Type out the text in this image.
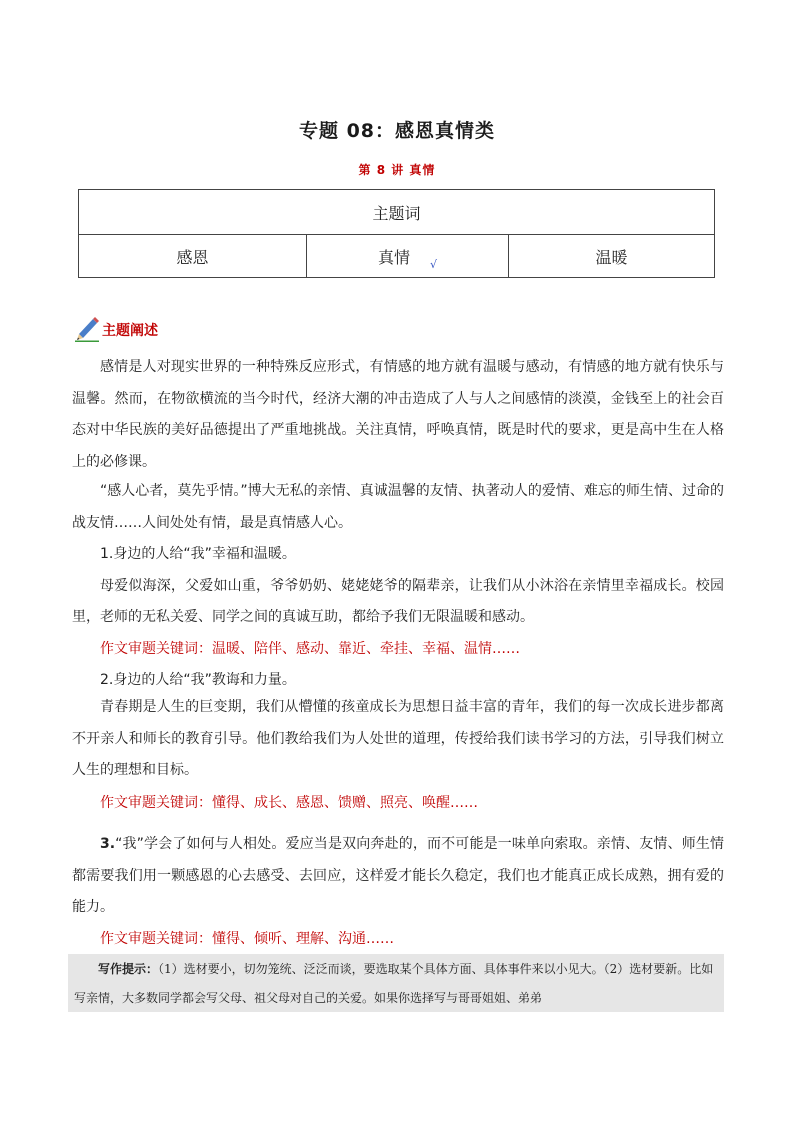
专题 08：感恩真情类
第 8 讲 真情
主题词
感恩	真情 $_√$	温暖
主题阐述

感情是人对现实世界的一种特殊反应形式，有情感的地方就有温暖与感动，有情感的地方就有快乐与温馨。然而，在物欲横流的当今时代，经济大潮的冲击造成了人与人之间感情的淡漠，金钱至上的社会百态对中华民族的美好品德提出了严重地挑战。关注真情，呼唤真情，既是时代的要求，更是高中生在人格上的必修课。

“感人心者，莫先乎情。”博大无私的亲情、真诚温馨的友情、执著动人的爱情、难忘的师生情、过命的战友情……人间处处有情，最是真情感人心。

1.身边的人给“我”幸福和温暖。

母爱似海深，父爱如山重，爷爷奶奶、姥姥姥爷的隔辈亲，让我们从小沐浴在亲情里幸福成长。校园里，老师的无私关爱、同学之间的真诚互助，都给予我们无限温暖和感动。

作文审题关键词：温暖、陪伴、感动、靠近、牵挂、幸福、温情……

2.身边的人给“我”教诲和力量。

青春期是人生的巨变期，我们从懵懂的孩童成长为思想日益丰富的青年，我们的每一次成长进步都离不开亲人和师长的教育引导。他们教给我们为人处世的道理，传授给我们读书学习的方法，引导我们树立人生的理想和目标。

作文审题关键词：懂得、成长、感恩、馈赠、照亮、唤醒……

3.“我”学会了如何与人相处。爱应当是双向奔赴的，而不可能是一味单向索取。亲情、友情、师生情都需要我们用一颗感恩的心去感受、去回应，这样爱才能长久稳定，我们也才能真正成长成熟，拥有爱的能力。

作文审题关键词：懂得、倾听、理解、沟通……

写作提示：（1）选材要小，切勿笼统、泛泛而谈，要选取某个具体方面、具体事件来以小见大。（2）选材要新。比如写亲情，大多数同学都会写父母、祖父母对自己的关爱。如果你选择写与哥哥姐姐、弟弟
